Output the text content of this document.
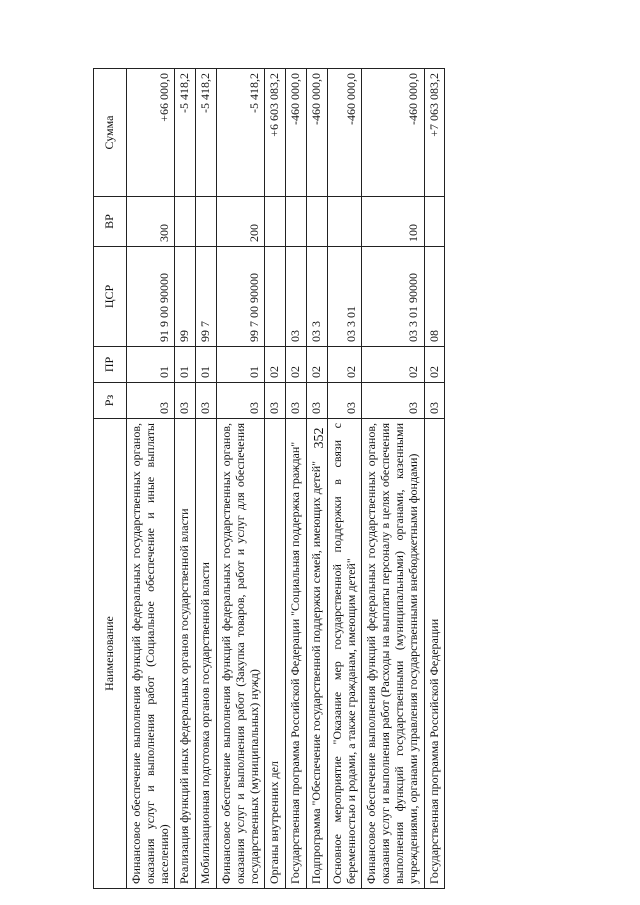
352
Наименование	Рз	ПР	ЦСР	ВР	Сумма
Финансовое обеспечение выполнения функций федеральных государственных органов, оказания услуг и выполнения работ (Социальное обеспечение и иные выплаты населению)	03	01	91 9 00 90000	300	+66 000,0
Реализация функций иных федеральных органов государственной власти	03	01	99		-5 418,2
Мобилизационная подготовка органов государственной власти	03	01	99 7		-5 418,2
Финансовое обеспечение выполнения функций федеральных государственных органов, оказания услуг и выполнения работ (Закупка товаров, работ и услуг для обеспечения государственных (муниципальных) нужд)	03	01	99 7 00 90000	200	-5 418,2
Органы внутренних дел	03	02			+6 603 083,2
Государственная программа Российской Федерации "Социальная поддержка граждан"	03	02	03		-460 000,0
Подпрограмма "Обеспечение государственной поддержки семей, имеющих детей"	03	02	03 3		-460 000,0
Основное мероприятие "Оказание мер государственной поддержки в связи с беременностью и родами, а также гражданам, имеющим детей"	03	02	03 3 01		-460 000,0
Финансовое обеспечение выполнения функций федеральных государственных органов, оказания услуг и выполнения работ (Расходы на выплаты персоналу в целях обеспечения выполнения функций государственными (муниципальными) органами, казенными учреждениями, органами управления государственными внебюджетными фондами)	03	02	03 3 01 90000	100	-460 000,0
Государственная программа Российской Федерации	03	02	08		+7 063 083,2
